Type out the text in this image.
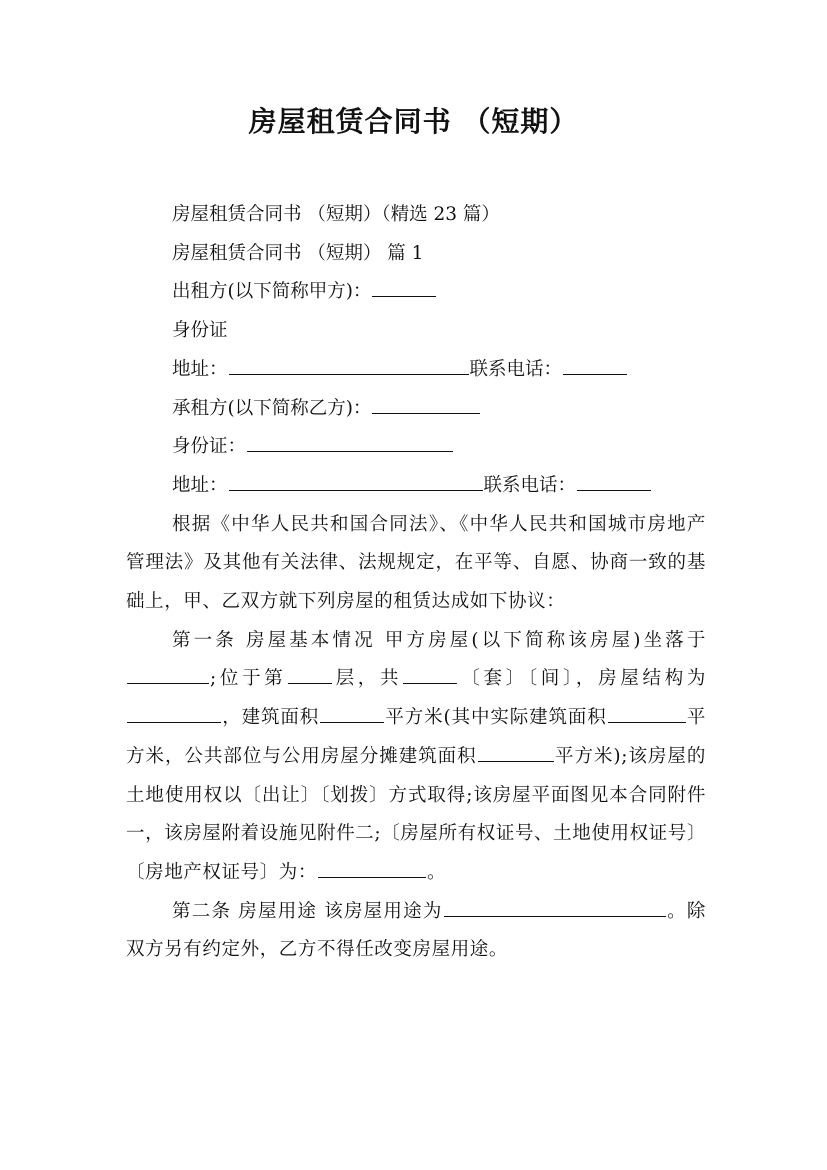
房屋租赁合同书 （短期）
房屋租赁合同书 （短期）（精选 23 篇）
房屋租赁合同书 （短期） 篇 1
出租方(以下简称甲方)：
身份证
地址：	联系电话：
承租方(以下简称乙方)：
身份证：
地址：	联系电话：
根据《中华人民共和国合同法》、《中华人民共和国城市房地产管理法》及其他有关法律、法规规定，在平等、自愿、协商一致的基础上，甲、乙双方就下列房屋的租赁达成如下协议：
第一条 房屋基本情况 甲方房屋(以下简称该房屋)坐落于;位于第 层，共	〔套〕〔间〕，房屋结构为，建筑面积	平方米(其中实际建筑面积	平方米，公共部位与公用房屋分摊建筑面积	平方米);该房屋的土地使用权以〔出让〕〔划拨〕方式取得;该房屋平面图见本合同附件一，该房屋附着设施见附件二;〔房屋所有权证号、土地使用权证号〕〔房地产权证号〕为：	。
第二条 房屋用途 该房屋用途为	。除双方另有约定外，乙方不得任改变房屋用途。
